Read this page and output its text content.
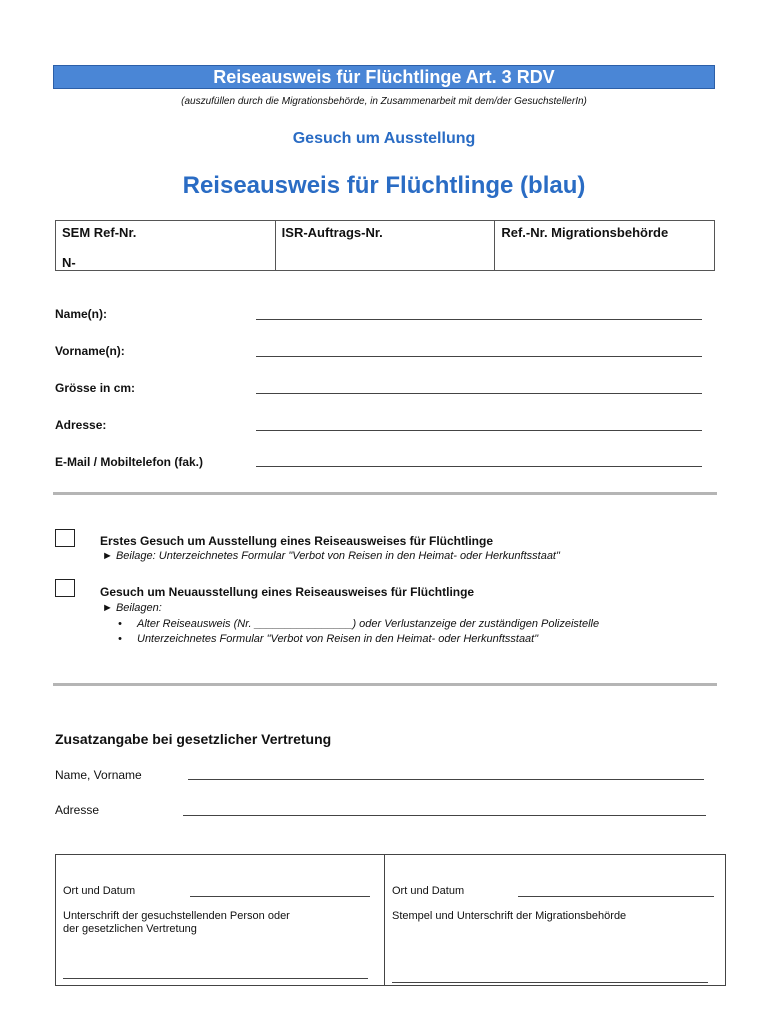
Reiseausweis für Flüchtlinge Art. 3 RDV
(auszufüllen durch die Migrationsbehörde, in Zusammenarbeit mit dem/der GesuchstellerIn)
Gesuch um Ausstellung
Reiseausweis für Flüchtlinge (blau)
SEM Ref-Nr.
N-
ISR-Auftrags-Nr.	Ref.-Nr. Migrationsbehörde
Name(n):
Vorname(n):
Grösse in cm:
Adresse:
E-Mail / Mobiltelefon (fak.)
Erstes Gesuch um Ausstellung eines Reiseausweises für Flüchtlinge
► Beilage: Unterzeichnetes Formular "Verbot von Reisen in den Heimat- oder Herkunftsstaat"
Gesuch um Neuausstellung eines Reiseausweises für Flüchtlinge
► Beilagen:
• Alter Reiseausweis (Nr. ________________) oder Verlustanzeige der zuständigen Polizeistelle
• Unterzeichnetes Formular "Verbot von Reisen in den Heimat- oder Herkunftsstaat"
Zusatzangabe bei gesetzlicher Vertretung
Name, Vorname
Adresse
Ort und Datum
Unterschrift der gesuchstellenden Person oder
der gesetzlichen Vertretung
Ort und Datum
Stempel und Unterschrift der Migrationsbehörde
